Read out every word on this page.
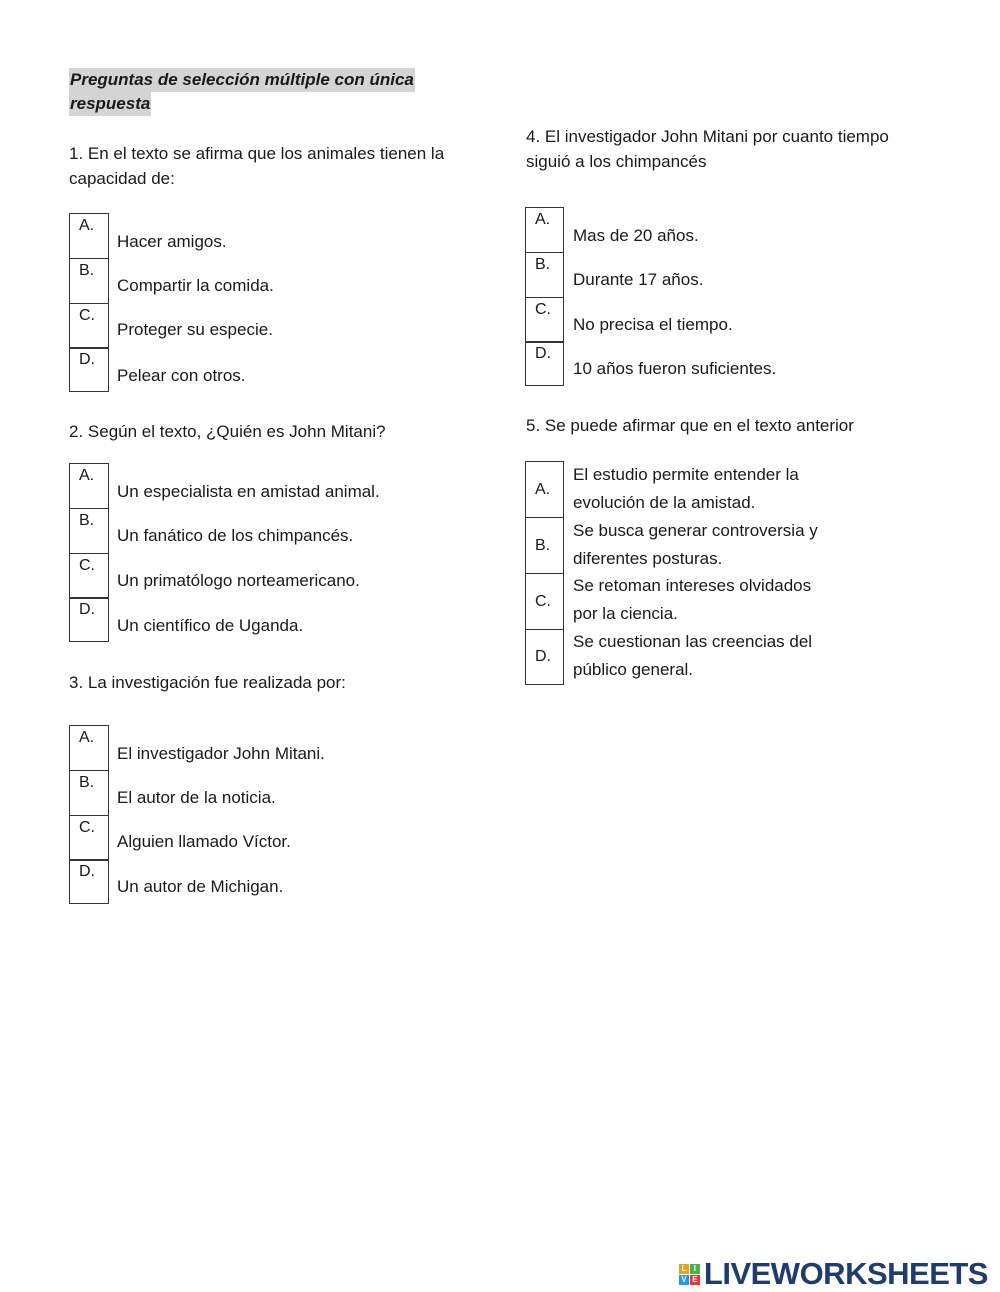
Preguntas de selección múltiple con única
respuesta
1. En el texto se afirma que los animales tienen la
capacidad de:
A.
B.
C.
D.
Hacer amigos.
Compartir la comida.
Proteger su especie.
Pelear con otros.
2. Según el texto, ¿Quién es John Mitani?
A.
B.
C.
D.
Un especialista en amistad animal.
Un fanático de los chimpancés.
Un primatólogo norteamericano.
Un científico de Uganda.
3. La investigación fue realizada por:
A.
B.
C.
D.
El investigador John Mitani.
El autor de la noticia.
Alguien llamado Víctor.
Un autor de Michigan.
4. El investigador John Mitani por cuanto tiempo
siguió a los chimpancés
A.
B.
C.
D.
Mas de 20 años.
Durante 17 años.
No precisa el tiempo.
10 años fueron suficientes.
5. Se puede afirmar que en el texto anterior
A.
B.
C.
D.
El estudio permite entender la
evolución de la amistad.
Se busca generar controversia y
diferentes posturas.
Se retoman intereses olvidados
por la ciencia.
Se cuestionan las creencias del
público general.
L I
V E LIVEWORKSHEETS
